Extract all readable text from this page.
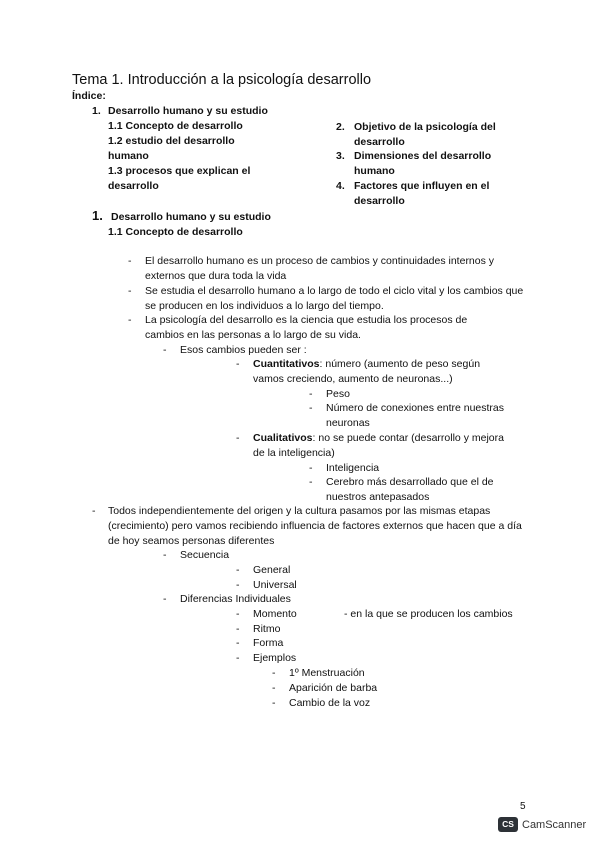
Tema 1. Introducción a la psicología desarrollo
Índice:
1. Desarrollo humano y su estudio
1.1 Concepto de desarrollo
1.2 estudio del desarrollo
humano
1.3 procesos que explican el
desarrollo
2. Objetivo de la psicología del
desarrollo
3. Dimensiones del desarrollo
humano
4. Factores que influyen en el
desarrollo
1. Desarrollo humano y su estudio
1.1 Concepto de desarrollo
- El desarrollo humano es un proceso de cambios y continuidades internos y externos que dura toda la vida
- Se estudia el desarrollo humano a lo largo de todo el ciclo vital y los cambios que se producen en los individuos a lo largo del tiempo.
- La psicología del desarrollo es la ciencia que estudia los procesos de cambios en las personas a lo largo de su vida.
- Esos cambios pueden ser :
- Cuantitativos: número (aumento de peso según
vamos creciendo, aumento de neuronas...)
- Peso
- Número de conexiones entre nuestras
neuronas
- Cualitativos: no se puede contar (desarrollo y mejora
de la inteligencia)
- Inteligencia
- Cerebro más desarrollado que el de
nuestros antepasados
- Todos independientemente del origen y la cultura pasamos por las mismas etapas (crecimiento) pero vamos recibiendo influencia de factores externos que hacen que a día de hoy seamos personas diferentes
- Secuencia
- General
- Universal
- Diferencias Individuales
- Momento	- en la que se producen los cambios
- Ritmo
- Forma
- Ejemplos
- 1º Menstruación
- Aparición de barba
- Cambio de la voz
5
CS CamScanner
